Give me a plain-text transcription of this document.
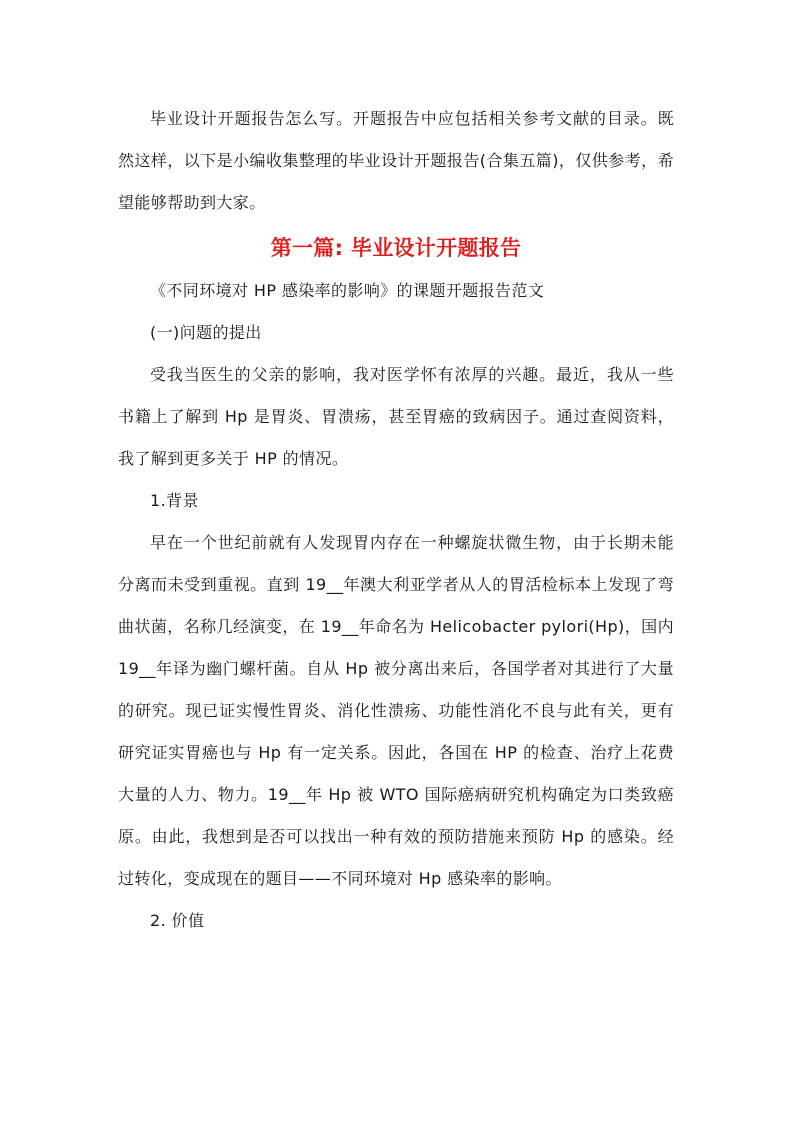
毕业设计开题报告怎么写。开题报告中应包括相关参考文献的目录。既然这样，以下是小编收集整理的毕业设计开题报告(合集五篇)，仅供参考，希望能够帮助到大家。

第一篇: 毕业设计开题报告

《不同环境对 HP 感染率的影响》的课题开题报告范文

(一)问题的提出

受我当医生的父亲的影响，我对医学怀有浓厚的兴趣。最近，我从一些书籍上了解到 Hp 是胃炎、胃溃疡，甚至胃癌的致病因子。通过查阅资料，我了解到更多关于 HP 的情况。

1.背景

早在一个世纪前就有人发现胃内存在一种螺旋状微生物，由于长期未能分离而未受到重视。直到 19__年澳大利亚学者从人的胃活检标本上发现了弯曲状菌，名称几经演变，在 19__年命名为 Helicobacter pylori(Hp)，国内 19__年译为幽门螺杆菌。自从 Hp 被分离出来后，各国学者对其进行了大量的研究。现已证实慢性胃炎、消化性溃疡、功能性消化不良与此有关，更有研究证实胃癌也与 Hp 有一定关系。因此，各国在 HP 的检查、治疗上花费大量的人力、物力。19__年 Hp 被 WTO 国际癌病研究机构确定为口类致癌原。由此，我想到是否可以找出一种有效的预防措施来预防 Hp 的感染。经过转化，变成现在的题目——不同环境对 Hp 感染率的影响。

2. 价值
